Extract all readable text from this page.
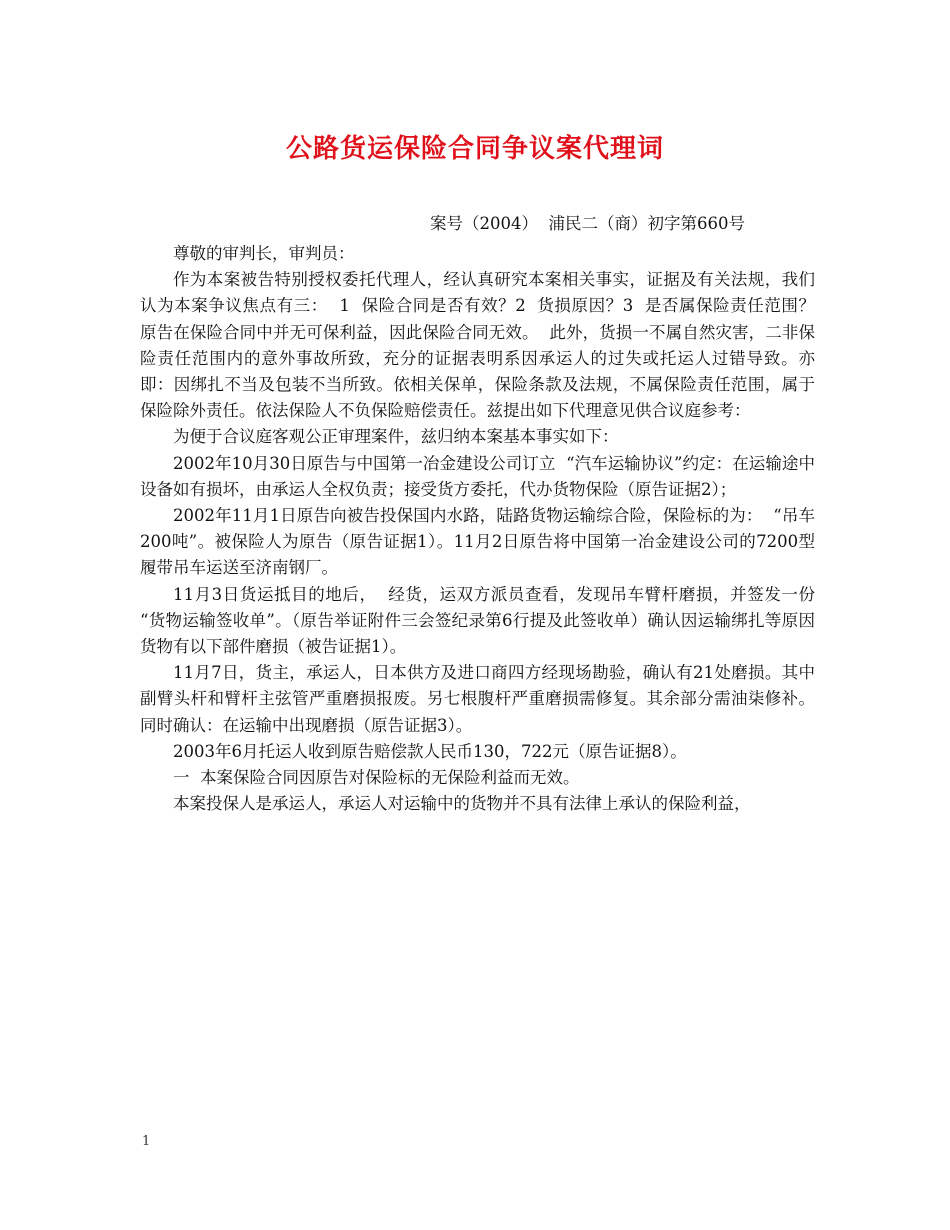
公路货运保险合同争议案代理词
案号（2004）  浦民二（商）初字第660号

尊敬的审判长，审判员：

作为本案被告特别授权委托代理人，经认真研究本案相关事实，证据及有关法规，我们认为本案争议焦点有三：  1  保险合同是否有效？2  货损原因？3  是否属保险责任范围？  原告在保险合同中并无可保利益，因此保险合同无效。  此外，货损一不属自然灾害，二非保险责任范围内的意外事故所致，充分的证据表明系因承运人的过失或托运人过错导致。亦即：因绑扎不当及包装不当所致。依相关保单，保险条款及法规，不属保险责任范围，属于保险除外责任。依法保险人不负保险赔偿责任。兹提出如下代理意见供合议庭参考：

为便于合议庭客观公正审理案件，兹归纳本案基本事实如下：

2002年10月30日原告与中国第一冶金建设公司订立  “汽车运输协议”约定：在运输途中设备如有损坏，由承运人全权负责；接受货方委托，代办货物保险（原告证据2）；

2002年11月1日原告向被告投保国内水路，陆路货物运输综合险，保险标的为：  “吊车200吨”。被保险人为原告（原告证据1）。11月2日原告将中国第一冶金建设公司的7200型履带吊车运送至济南钢厂。

11月3日货运抵目的地后，  经货，运双方派员查看，发现吊车臂杆磨损，并签发一份  “货物运输签收单”。（原告举证附件三会签纪录第6行提及此签收单）确认因运输绑扎等原因货物有以下部件磨损（被告证据1）。

11月7日，货主，承运人，日本供方及进口商四方经现场勘验，确认有21处磨损。其中副臂头杆和臂杆主弦管严重磨损报废。另七根腹杆严重磨损需修复。其余部分需油柒修补。同时确认：在运输中出现磨损（原告证据3）。

2003年6月托运人收到原告赔偿款人民币130，722元（原告证据8）。

一  本案保险合同因原告对保险标的无保险利益而无效。

本案投保人是承运人，承运人对运输中的货物并不具有法律上承认的保险利益，

1
